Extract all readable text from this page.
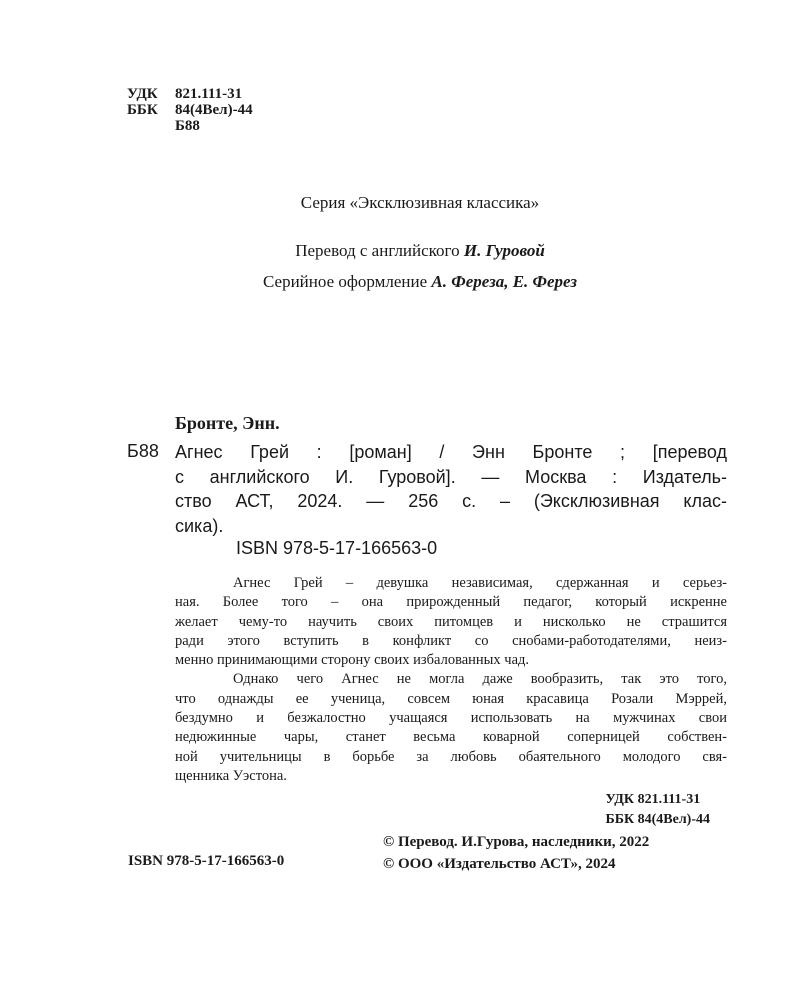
УДК	821.111-31
ББК	84(4Вел)-44
Б88
Серия «Эксклюзивная классика»
Перевод с английского И. Гуровой
Серийное оформление А. Фереза, Е. Ферез
Бронте, Энн.
Б88 Агнес Грей : [роман] / Энн Бронте ; [перевод
с английского И. Гуровой]. — Москва : Издатель-
ство АСТ, 2024. — 256 с. – (Эксклюзивная клас-
сика).
ISBN 978-5-17-166563-0
Агнес Грей – девушка независимая, сдержанная и серьез-
ная. Более того – она прирожденный педагог, который искренне
желает чему-то научить своих питомцев и нисколько не страшится
ради этого вступить в конфликт со снобами-работодателями, неиз-
менно принимающими сторону своих избалованных чад.
Однако чего Агнес не могла даже вообразить, так это того,
что однажды ее ученица, совсем юная красавица Розали Мэррей,
бездумно и безжалостно учащаяся использовать на мужчинах свои
недюжинные чары, станет весьма коварной соперницей собствен-
ной учительницы в борьбе за любовь обаятельного молодого свя-
щенника Уэстона.
УДК 821.111-31
ББК 84(4Вел)-44
© Перевод. И.Гурова, наследники, 2022
© ООО «Издательство АСТ», 2024
ISBN 978-5-17-166563-0
